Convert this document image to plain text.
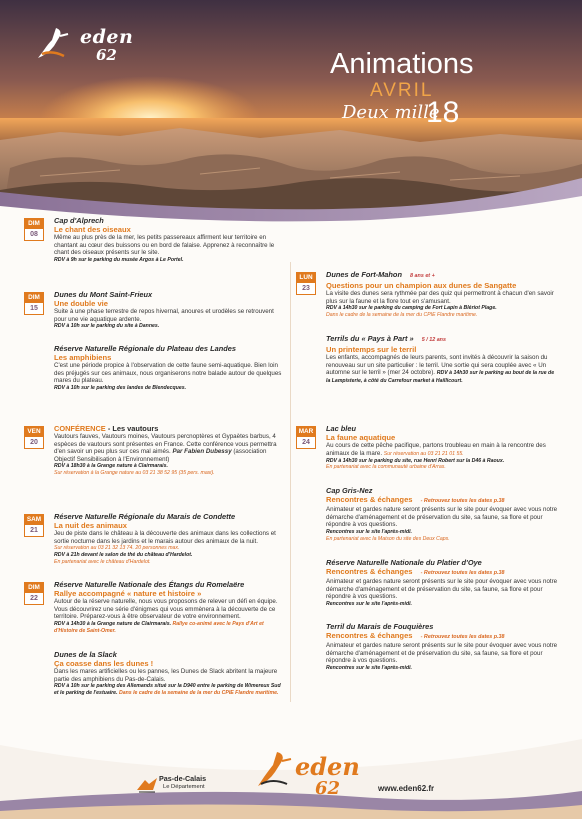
eden
62	Animations
AVRIL
Deux mille
18
DIM
08
Cap d'Alprech
Le chant des oiseaux
Même au plus près de la mer, les petits passereaux affirment leur territoire en chantant au cœur des buissons ou en bord de falaise. Apprenez à reconnaître le chant des oiseaux présents sur le site.
RDV à 9h sur le parking du musée Argos à Le Portel.
DIM
15
Dunes du Mont Saint-Frieux
Une double vie
Suite à une phase terrestre de repos hivernal, anoures et urodèles se retrouvent pour une vie aquatique ardente.
RDV à 10h sur le parking du site à Dannes.
Réserve Naturelle Régionale du Plateau des Landes
Les amphibiens
C'est une période propice à l'observation de cette faune semi-aquatique. Bien loin des préjugés sur ces animaux, nous organiserons notre balade autour de quelques mares du plateau.
RDV à 10h sur le parking des landes de Blendecques.
VEN
20
CONFÉRENCE - Les vautours
Vautours fauves, Vautours moines, Vautours percnoptères et Gypaètes barbus, 4 espèces de vautours sont présentes en France. Cette conférence vous permettra d'en savoir un peu plus sur ces mal aimés. Par Fabien Dubessy (association Objectif Sensibilisation à l'Environnement)
RDV à 18h30 à la Grange nature à Clairmarais.
Sur réservation à la Grange nature au 03 21 38 52 95 (35 pers. maxi).
SAM
21
Réserve Naturelle Régionale du Marais de Condette
La nuit des animaux
Jeu de piste dans le château à la découverte des animaux dans les collections et sortie nocturne dans les jardins et le marais autour des animaux de la nuit.
Sur réservation au 03 21 32 13 74. 20 personnes max.
RDV à 21h devant le salon de thé du château d'Hardelot.
En partenariat avec le château d'Hardelot.
DIM
22
Réserve Naturelle Nationale des Étangs du Romelaëre
Rallye accompagné « nature et histoire »
Autour de la réserve naturelle, nous vous proposons de relever un défi en équipe. Vous découvrirez une série d'énigmes qui vous emmènera à la découverte de ce territoire. Préparez-vous à être observateur de votre environnement.
RDV à 14h30 à la Grange nature de Clairmarais. Rallye co-animé avec le Pays d'Art et d'Histoire de Saint-Omer.
Dunes de la Slack
Ça coasse dans les dunes !
Dans les mares artificielles ou les pannes, les Dunes de Slack abritent la majeure partie des amphibiens du Pas-de-Calais.
RDV à 10h sur le parking des Allemands situé sur la D940 entre le parking de Wimereux Sud et le parking de l'estuaire. Dans le cadre de la semaine de la mer du CPIE Flandre maritime.
LUN
23
Dunes de Fort-Mahon 8 ans et +
Questions pour un champion aux dunes de Sangatte
La visite des dunes sera rythmée par des quiz qui permettront à chacun d'en savoir plus sur la faune et la flore tout en s'amusant.
RDV à 14h30 sur le parking du camping de Fort Lapin à Blériot Plage.
Dans le cadre de la semaine de la mer du CPIE Flandre maritime.
Terrils du « Pays à Part » 5 / 12 ans
Un printemps sur le terril
Les enfants, accompagnés de leurs parents, sont invités à découvrir la saison du renouveau sur un site particulier : le terril. Une sortie qui sera couplée avec « Un automne sur le terril » (mer 24 octobre). RDV à 14h30 sur le parking au bout de la rue de la Lampisterie, à côté du Carrefour market à Haillicourt.
MAR
24
Lac bleu
La faune aquatique
Au cours de cette pêche pacifique, partons troubleau en main à la rencontre des animaux de la mare. Sur réservation au 03 21 21 01 55.
RDV à 14h30 sur le parking du site, rue Henri Robert sur la D46 à Raoux.
En partenariat avec la communauté urbaine d'Arras.
Cap Gris-Nez
Rencontres & échanges - Retrouvez toutes les dates p.38
Animateur et gardes nature seront présents sur le site pour évoquer avec vous notre démarche d'aménagement et de préservation du site, sa faune, sa flore et pour répondre à vos questions.
Rencontres sur le site l'après-midi.
En partenariat avec la Maison du site des Deux Caps.
Réserve Naturelle Nationale du Platier d'Oye
Rencontres & échanges - Retrouvez toutes les dates p.38
Animateur et gardes nature seront présents sur le site pour évoquer avec vous notre démarche d'aménagement et de préservation du site, sa faune, sa flore et pour répondre à vos questions.
Rencontres sur le site l'après-midi.
Terril du Marais de Fouquières
Rencontres & échanges - Retrouvez toutes les dates p.38
Animateur et gardes nature seront présents sur le site pour évoquer avec vous notre démarche d'aménagement et de préservation du site, sa faune, sa flore et pour répondre à vos questions.
Rencontres sur le site l'après-midi.
Pas-de-Calais
Le Département
eden
62	www.eden62.fr
